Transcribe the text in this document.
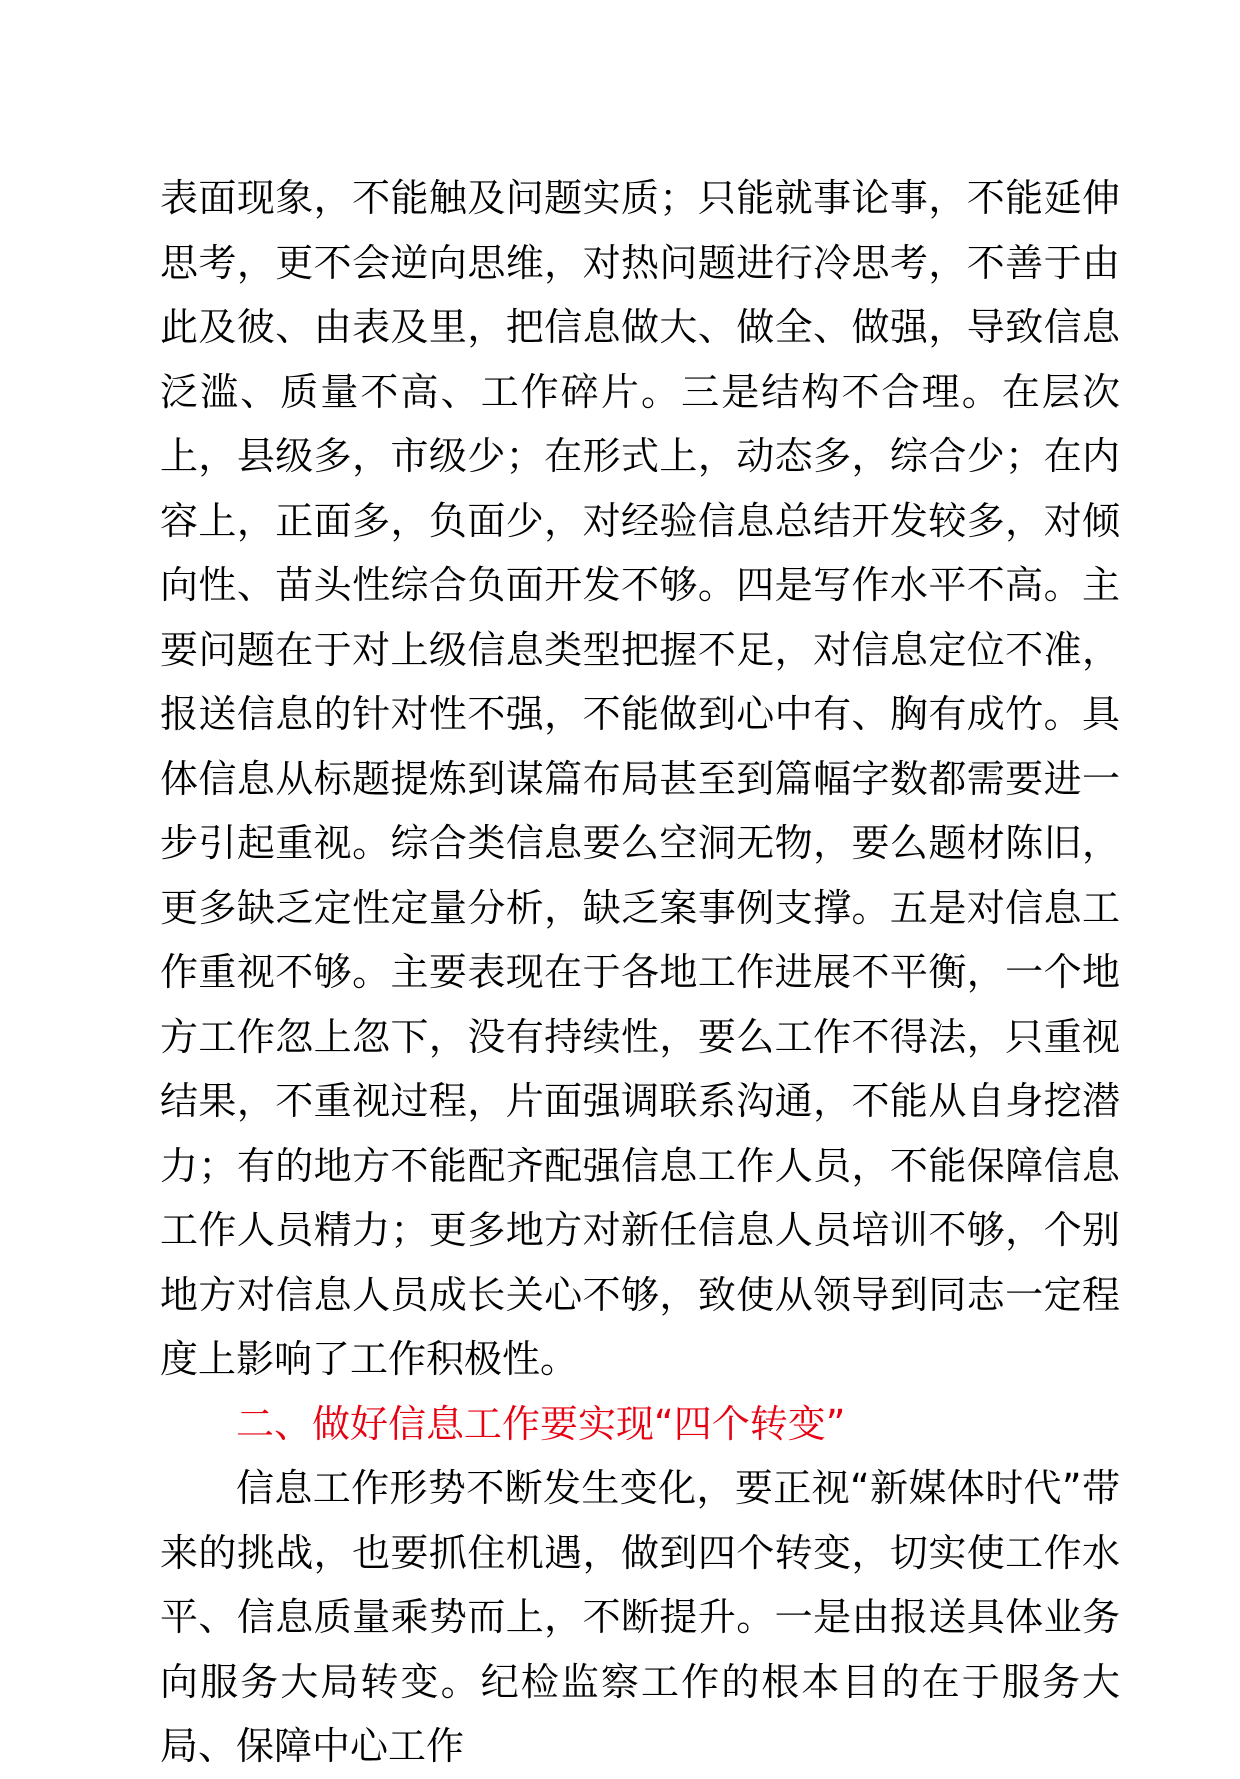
表面现象，不能触及问题实质；只能就事论事，不能延伸思考，更不会逆向思维，对热问题进行冷思考，不善于由此及彼、由表及里，把信息做大、做全、做强，导致信息泛滥、质量不高、工作碎片。三是结构不合理。在层次上，县级多，市级少；在形式上，动态多，综合少；在内容上，正面多，负面少，对经验信息总结开发较多，对倾向性、苗头性综合负面开发不够。四是写作水平不高。主要问题在于对上级信息类型把握不足，对信息定位不准，报送信息的针对性不强，不能做到心中有、胸有成竹。具体信息从标题提炼到谋篇布局甚至到篇幅字数都需要进一步引起重视。综合类信息要么空洞无物，要么题材陈旧，更多缺乏定性定量分析，缺乏案事例支撑。五是对信息工作重视不够。主要表现在于各地工作进展不平衡，一个地方工作忽上忽下，没有持续性，要么工作不得法，只重视结果，不重视过程，片面强调联系沟通，不能从自身挖潜力；有的地方不能配齐配强信息工作人员，不能保障信息工作人员精力；更多地方对新任信息人员培训不够，个别地方对信息人员成长关心不够，致使从领导到同志一定程度上影响了工作积极性。

二、做好信息工作要实现“四个转变”

信息工作形势不断发生变化，要正视“新媒体时代”带来的挑战，也要抓住机遇，做到四个转变，切实使工作水平、信息质量乘势而上，不断提升。一是由报送具体业务向服务大局转变。纪检监察工作的根本目的在于服务大局、保障中心工作
